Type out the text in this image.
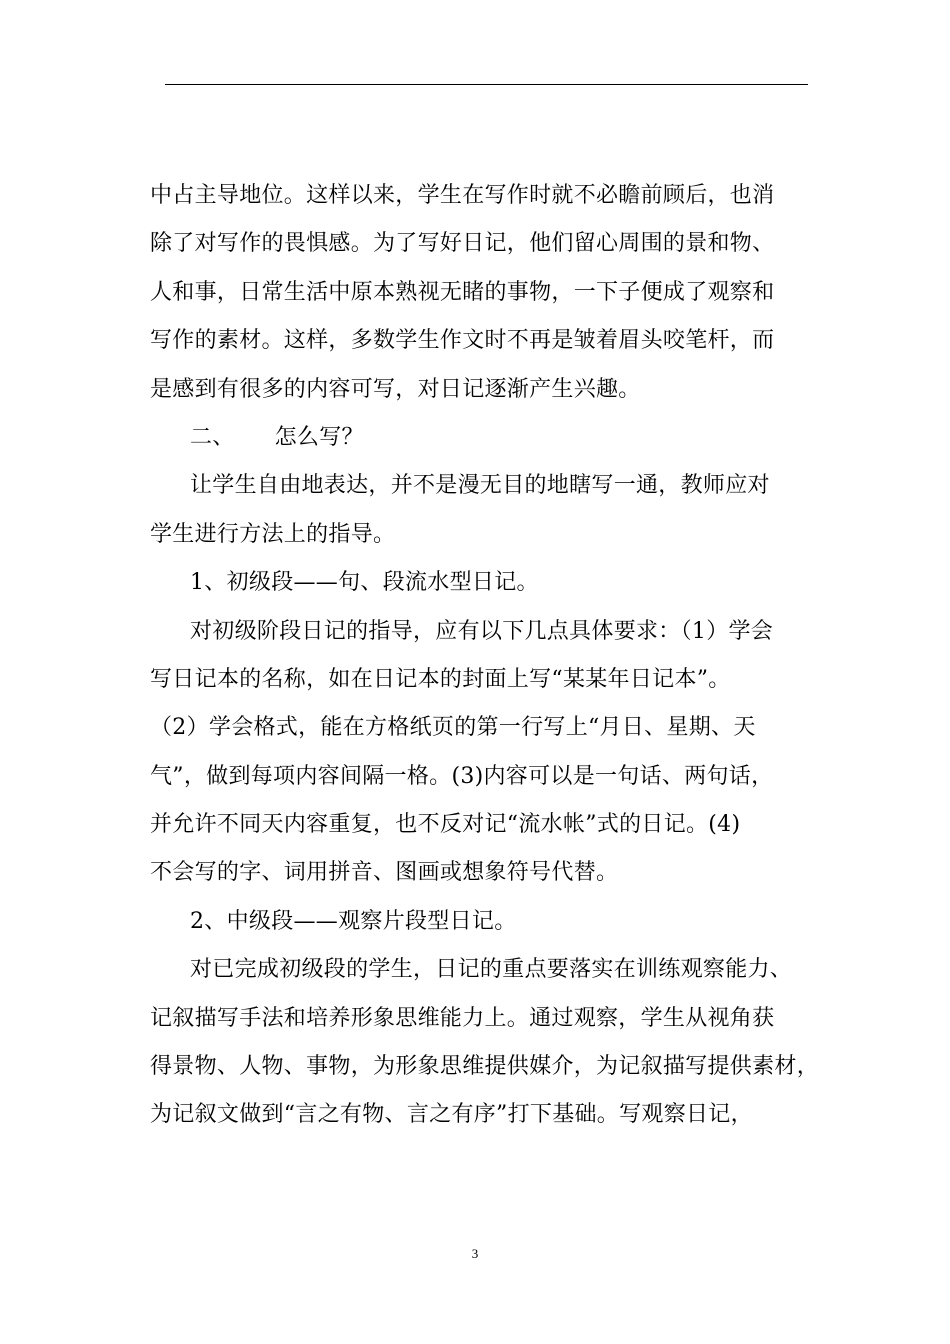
中占主导地位。这样以来，学生在写作时就不必瞻前顾后，也消
除了对写作的畏惧感。为了写好日记，他们留心周围的景和物、
人和事，日常生活中原本熟视无睹的事物，一下子便成了观察和
写作的素材。这样，多数学生作文时不再是皱着眉头咬笔杆，而
是感到有很多的内容可写，对日记逐渐产生兴趣。
二、 怎么写？
让学生自由地表达，并不是漫无目的地瞎写一通，教师应对
学生进行方法上的指导。
1、初级段——句、段流水型日记。
对初级阶段日记的指导，应有以下几点具体要求：（1）学会
写日记本的名称，如在日记本的封面上写“某某年日记本”。
（2）学会格式，能在方格纸页的第一行写上“月日、星期、天
气”，做到每项内容间隔一格。(3)内容可以是一句话、两句话，
并允许不同天内容重复，也不反对记“流水帐”式的日记。(4)
不会写的字、词用拼音、图画或想象符号代替。
2、中级段——观察片段型日记。
对已完成初级段的学生，日记的重点要落实在训练观察能力、
记叙描写手法和培养形象思维能力上。通过观察，学生从视角获
得景物、人物、事物，为形象思维提供媒介，为记叙描写提供素材，
为记叙文做到“言之有物、言之有序”打下基础。写观察日记，
3
